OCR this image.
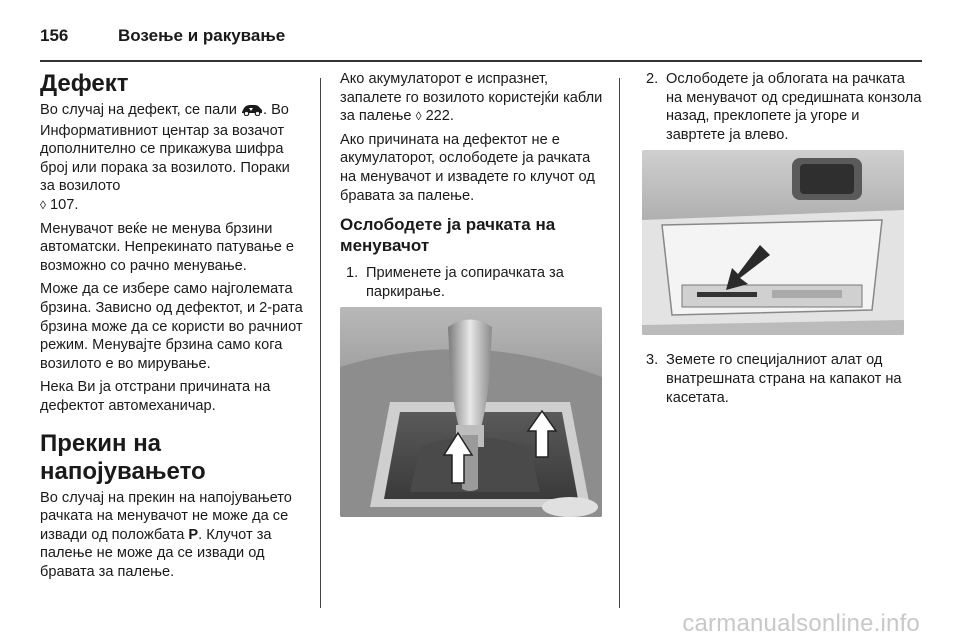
156	Возење и ракување
Дефект

Во случај на дефект, се пали . Во Информативниот центар за возачот дополнително се прикажува шифра број или порака за возилото. Пораки за возилото
◊ 107.

Менувачот веќе не менува брзини автоматски. Непрекинато патување е возможно со рачно менување.

Може да се избере само најголемата брзина. Зависно од дефектот, и 2-рата брзина може да се користи во рачниот режим. Менувајте брзина само кога возилото е во мирување.

Нека Ви ја отстрани причината на дефектот автомеханичар.

Прекин на напојувањето

Во случај на прекин на напојувањето рачката на менувачот не може да се извади од положбата P. Клучот за палење не може да се извади од бравата за палење.

Ако акумулаторот е испразнет, запалете го возилото користејќи кабли за палење ◊ 222.

Ако причината на дефектот не е акумулаторот, ослободете ја рачката на менувачот и извадете го клучот од бравата за палење.

Ослободете ја рачката на менувачот
1. Применете ја сопирачката за паркирање.
2. Ослободете ја облогата на рачката на менувачот од средишната конзола назад, преклопете ја угоре и завртете ја влево.
3. Земете го специјалниот алат од внатрешната страна на капакот на касетата.
carmanualsonline.info
